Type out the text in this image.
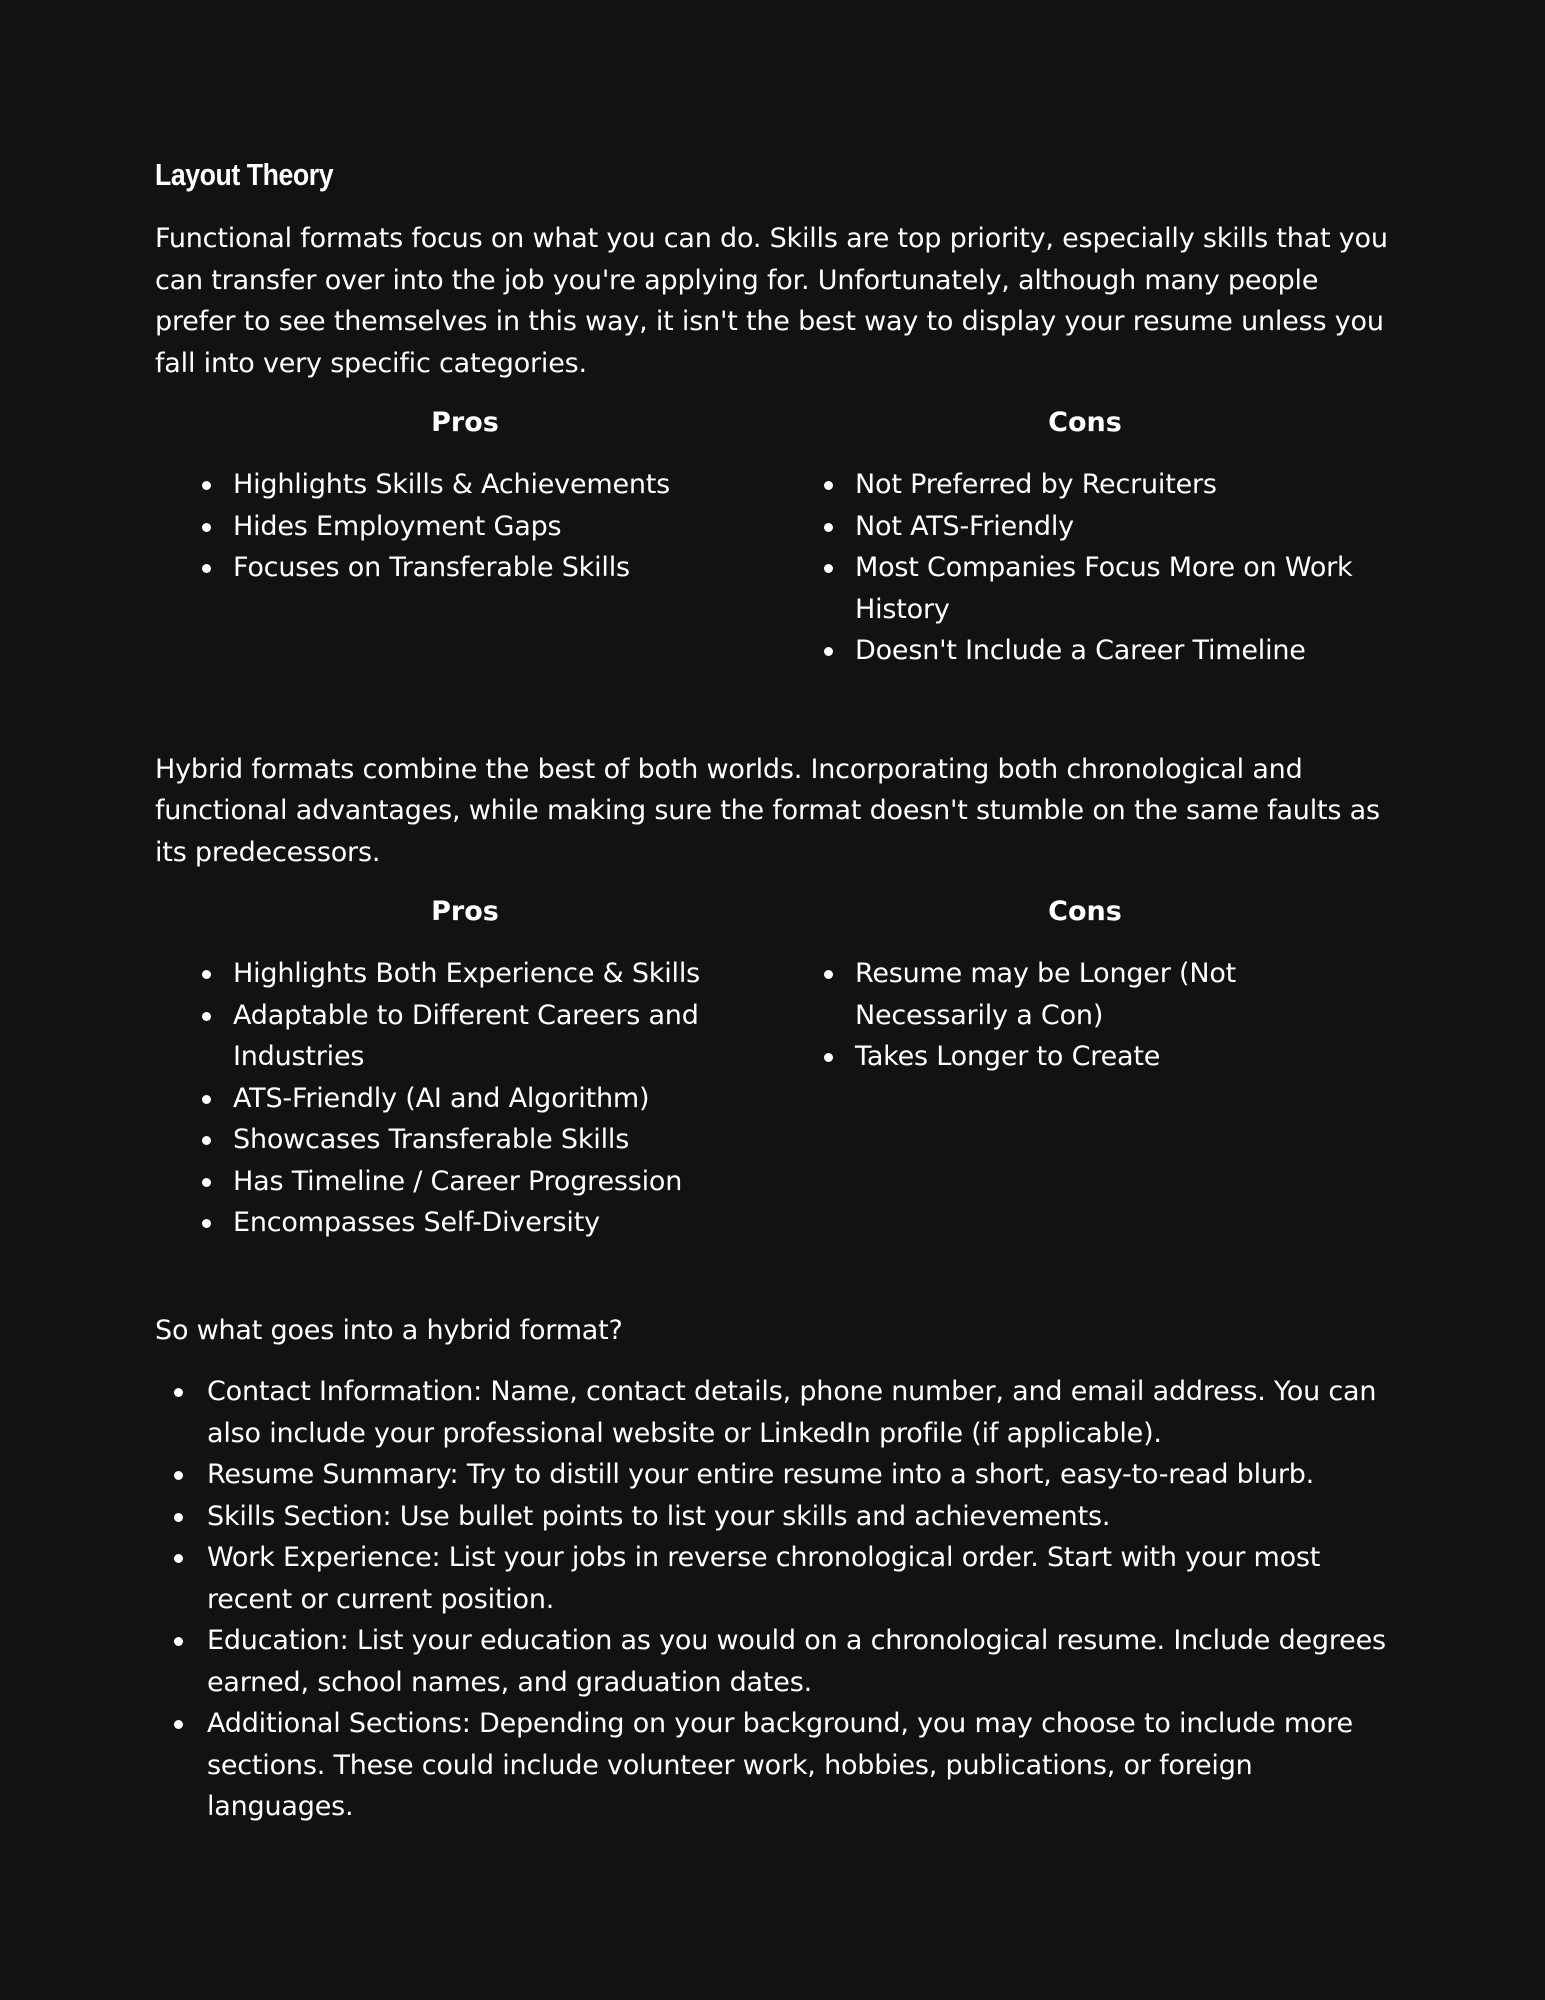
Layout Theory

Functional formats focus on what you can do. Skills are top priority, especially skills that you can transfer over into the job you're applying for. Unfortunately, although many people prefer to see themselves in this way, it isn't the best way to display your resume unless you fall into very specific categories.

Pros
Highlights Skills & Achievements
Hides Employment Gaps
Focuses on Transferable Skills
Cons
Not Preferred by Recruiters
Not ATS-Friendly
Most Companies Focus More on Work History
Doesn't Include a Career Timeline

Hybrid formats combine the best of both worlds. Incorporating both chronological and functional advantages, while making sure the format doesn't stumble on the same faults as its predecessors.

Pros
Highlights Both Experience & Skills
Adaptable to Different Careers and Industries
ATS-Friendly (AI and Algorithm)
Showcases Transferable Skills
Has Timeline / Career Progression
Encompasses Self-Diversity
Cons
Resume may be Longer (Not Necessarily a Con)
Takes Longer to Create

So what goes into a hybrid format?

Contact Information: Name, contact details, phone number, and email address. You can also include your professional website or LinkedIn profile (if applicable).
Resume Summary: Try to distill your entire resume into a short, easy-to-read blurb.
Skills Section: Use bullet points to list your skills and achievements.
Work Experience: List your jobs in reverse chronological order. Start with your most recent or current position.
Education: List your education as you would on a chronological resume. Include degrees earned, school names, and graduation dates.
Additional Sections: Depending on your background, you may choose to include more sections. These could include volunteer work, hobbies, publications, or foreign languages.
